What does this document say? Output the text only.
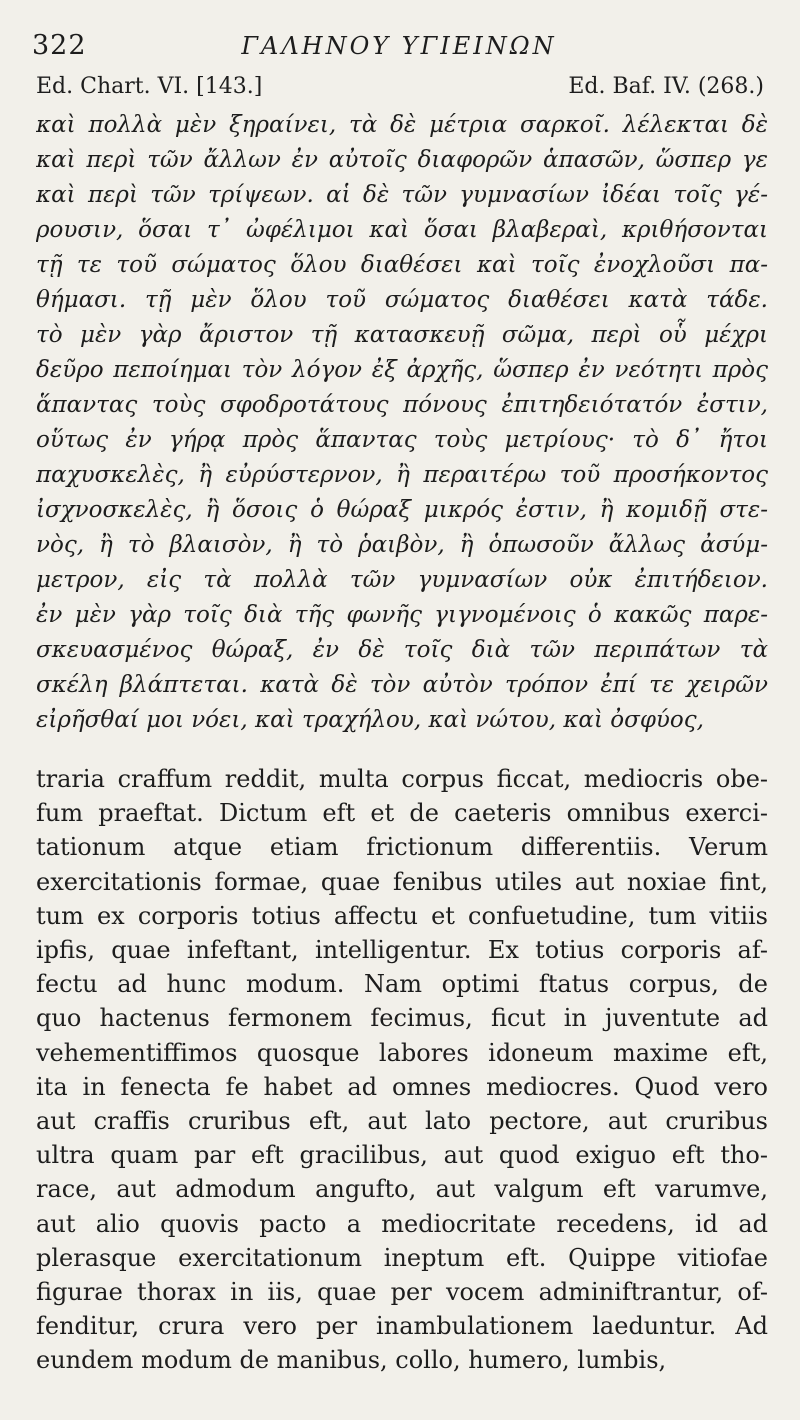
322	ΓΑΛΗΝΟΥ ΥΓΙΕΙΝΩΝ
Ed. Chart. VI. [143.]	Ed. Baf. IV. (268.)
καὶ πολλὰ μὲν ξηραίνει, τὰ δὲ μέτρια σαρκοῖ. λέλεκται δὲ
καὶ περὶ τῶν ἄλλων ἐν αὐτοῖς διαφορῶν ἁπασῶν, ὥσπερ γε
καὶ περὶ τῶν τρίψεων. αἱ δὲ τῶν γυμνασίων ἰδέαι τοῖς γέ-
ρουσιν, ὅσαι τ᾽ ὠφέλιμοι καὶ ὅσαι βλαβεραὶ, κριθήσονται
τῇ τε τοῦ σώματος ὅλου διαθέσει καὶ τοῖς ἐνοχλοῦσι πα-
θήμασι. τῇ μὲν ὅλου τοῦ σώματος διαθέσει κατὰ τάδε.
τὸ μὲν γὰρ ἄριστον τῇ κατασκευῇ σῶμα, περὶ οὗ μέχρι
δεῦρο πεποίημαι τὸν λόγον ἐξ ἀρχῆς, ὥσπερ ἐν νεότητι πρὸς
ἅπαντας τοὺς σφοδροτάτους πόνους ἐπιτηδειότατόν ἐστιν,
οὕτως ἐν γήρᾳ πρὸς ἅπαντας τοὺς μετρίους· τὸ δ᾽ ἤτοι
παχυσκελὲς, ἢ εὐρύστερνον, ἢ περαιτέρω τοῦ προσήκοντος
ἰσχνοσκελὲς, ἢ ὅσοις ὁ θώραξ μικρός ἐστιν, ἢ κομιδῇ στε-
νὸς, ἢ τὸ βλαισὸν, ἢ τὸ ῥαιβὸν, ἢ ὁπωσοῦν ἄλλως ἀσύμ-
μετρον, εἰς τὰ πολλὰ τῶν γυμνασίων οὐκ ἐπιτήδειον.
ἐν μὲν γὰρ τοῖς διὰ τῆς φωνῆς γιγνομένοις ὁ κακῶς παρε-
σκευασμένος θώραξ, ἐν δὲ τοῖς διὰ τῶν περιπάτων τὰ
σκέλη βλάπτεται. κατὰ δὲ τὸν αὐτὸν τρόπον ἐπί τε χειρῶν
εἰρῆσθαί μοι νόει, καὶ τραχήλου, καὶ νώτου, καὶ ὀσφύος,
traria craffum reddit, multa corpus ficcat, mediocris obe-
fum praeftat. Dictum eft et de caeteris omnibus exerci-
tationum atque etiam frictionum differentiis. Verum
exercitationis formae, quae fenibus utiles aut noxiae fint,
tum ex corporis totius affectu et confuetudine, tum vitiis
ipfis, quae infeftant, intelligentur. Ex totius corporis af-
fectu ad hunc modum. Nam optimi ftatus corpus, de
quo hactenus fermonem fecimus, ficut in juventute ad
vehementiffimos quosque labores idoneum maxime eft,
ita in fenecta fe habet ad omnes mediocres. Quod vero
aut craffis cruribus eft, aut lato pectore, aut cruribus
ultra quam par eft gracilibus, aut quod exiguo eft tho-
race, aut admodum angufto, aut valgum eft varumve,
aut alio quovis pacto a mediocritate recedens, id ad
plerasque exercitationum ineptum eft. Quippe vitiofae
figurae thorax in iis, quae per vocem adminiftrantur, of-
fenditur, crura vero per inambulationem laeduntur. Ad
eundem modum de manibus, collo, humero, lumbis,
